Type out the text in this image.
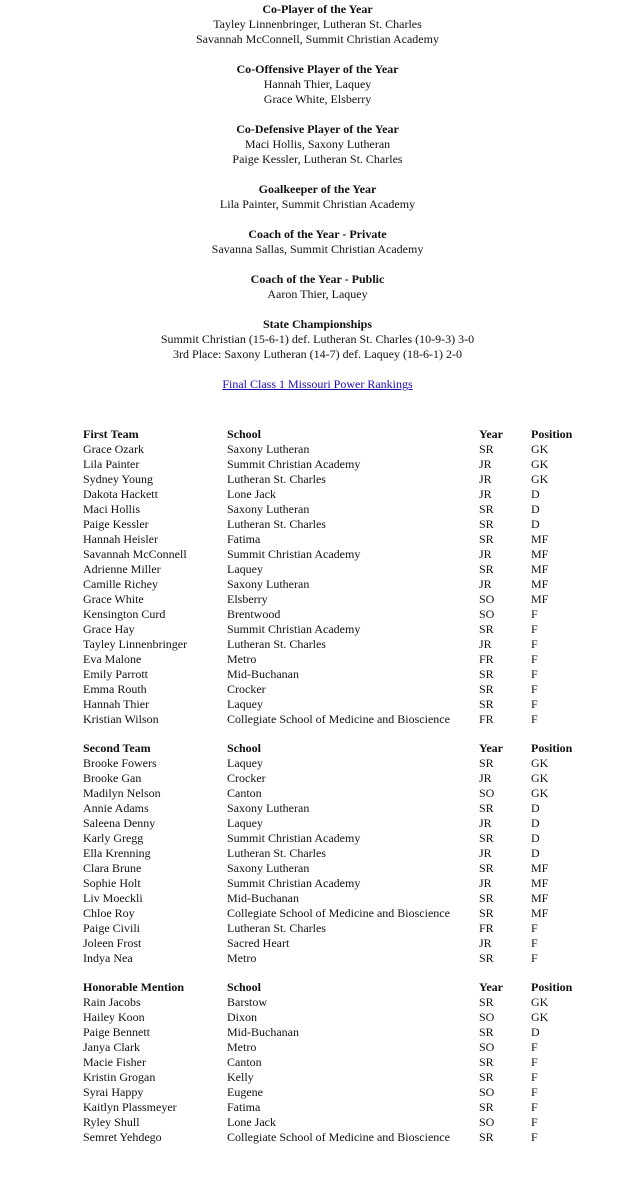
Co-Player of the Year
Tayley Linnenbringer, Lutheran St. Charles
Savannah McConnell, Summit Christian Academy
Co-Offensive Player of the Year
Hannah Thier, Laquey
Grace White, Elsberry
Co-Defensive Player of the Year
Maci Hollis, Saxony Lutheran
Paige Kessler, Lutheran St. Charles
Goalkeeper of the Year
Lila Painter, Summit Christian Academy
Coach of the Year - Private
Savanna Sallas, Summit Christian Academy
Coach of the Year - Public
Aaron Thier, Laquey
State Championships
Summit Christian (15-6-1) def. Lutheran St. Charles (10-9-3) 3-0
3rd Place: Saxony Lutheran (14-7) def. Laquey (18-6-1) 2-0
Final Class 1 Missouri Power Rankings
First Team	School	Year	Position
Grace Ozark	Saxony Lutheran	SR	GK
Lila Painter	Summit Christian Academy	JR	GK
Sydney Young	Lutheran St. Charles	JR	GK
Dakota Hackett	Lone Jack	JR	D
Maci Hollis	Saxony Lutheran	SR	D
Paige Kessler	Lutheran St. Charles	SR	D
Hannah Heisler	Fatima	SR	MF
Savannah McConnell	Summit Christian Academy	JR	MF
Adrienne Miller	Laquey	SR	MF
Camille Richey	Saxony Lutheran	JR	MF
Grace White	Elsberry	SO	MF
Kensington Curd	Brentwood	SO	F
Grace Hay	Summit Christian Academy	SR	F
Tayley Linnenbringer	Lutheran St. Charles	JR	F
Eva Malone	Metro	FR	F
Emily Parrott	Mid-Buchanan	SR	F
Emma Routh	Crocker	SR	F
Hannah Thier	Laquey	SR	F
Kristian Wilson	Collegiate School of Medicine and Bioscience	FR	F
Second Team	School	Year	Position
Brooke Fowers	Laquey	SR	GK
Brooke Gan	Crocker	JR	GK
Madilyn Nelson	Canton	SO	GK
Annie Adams	Saxony Lutheran	SR	D
Saleena Denny	Laquey	JR	D
Karly Gregg	Summit Christian Academy	SR	D
Ella Krenning	Lutheran St. Charles	JR	D
Clara Brune	Saxony Lutheran	SR	MF
Sophie Holt	Summit Christian Academy	JR	MF
Liv Moeckli	Mid-Buchanan	SR	MF
Chloe Roy	Collegiate School of Medicine and Bioscience	SR	MF
Paige Civili	Lutheran St. Charles	FR	F
Joleen Frost	Sacred Heart	JR	F
Indya Nea	Metro	SR	F
Honorable Mention	School	Year	Position
Rain Jacobs	Barstow	SR	GK
Hailey Koon	Dixon	SO	GK
Paige Bennett	Mid-Buchanan	SR	D
Janya Clark	Metro	SO	F
Macie Fisher	Canton	SR	F
Kristin Grogan	Kelly	SR	F
Syrai Happy	Eugene	SO	F
Kaitlyn Plassmeyer	Fatima	SR	F
Ryley Shull	Lone Jack	SO	F
Semret Yehdego	Collegiate School of Medicine and Bioscience	SR	F
